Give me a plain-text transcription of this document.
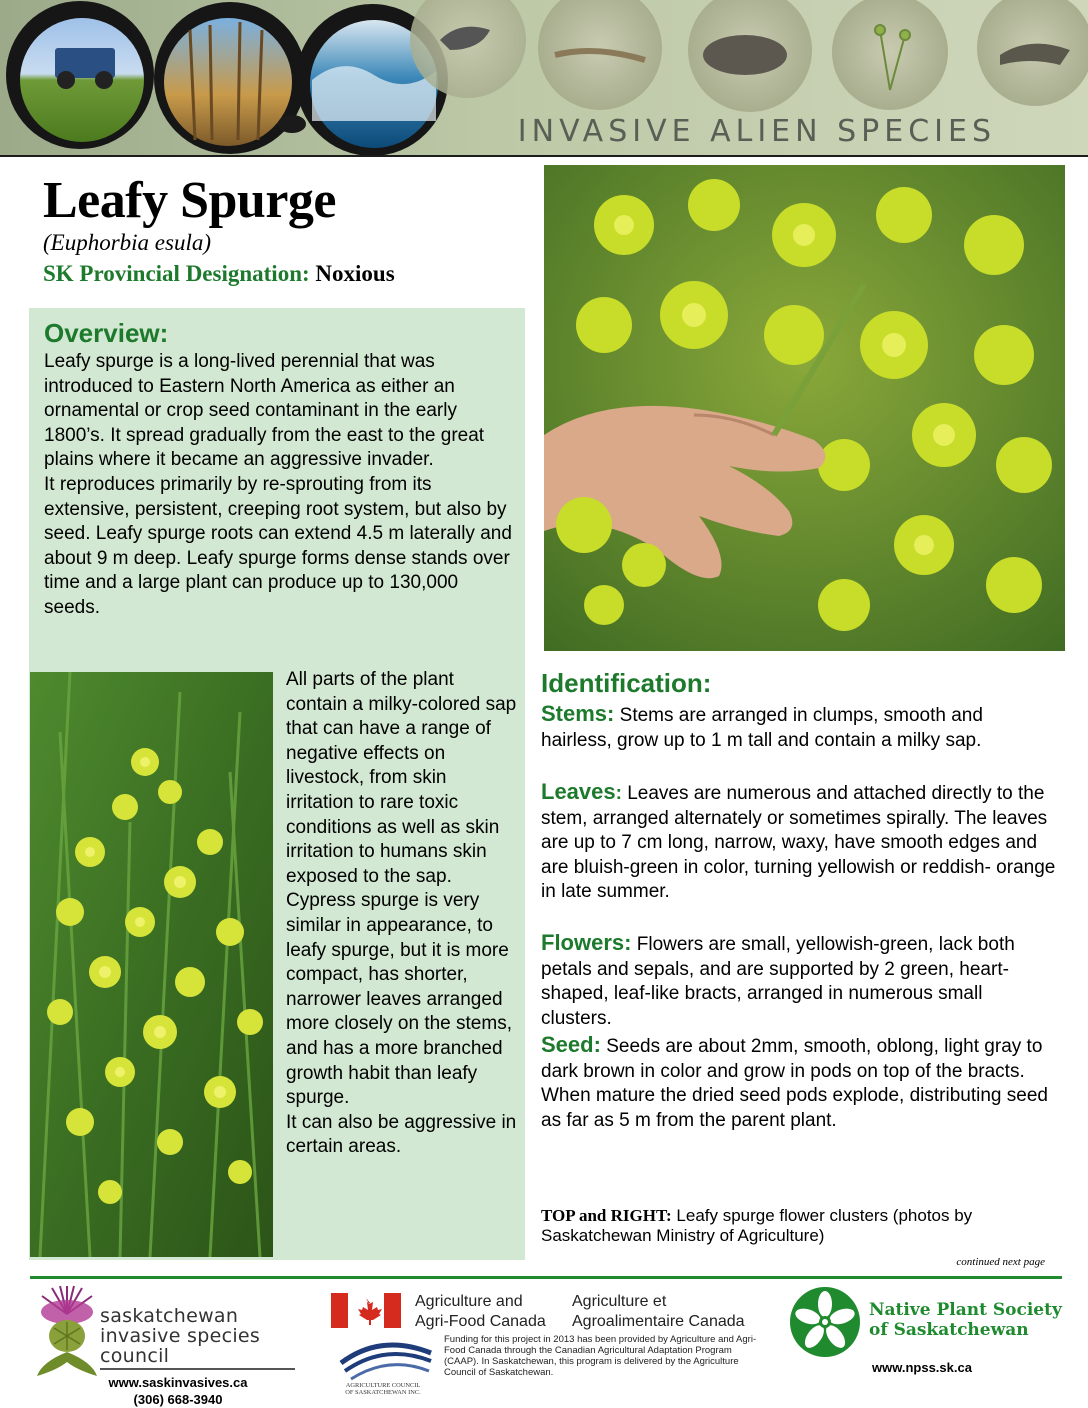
INVASIVE ALIEN SPECIES
Leafy Spurge
(Euphorbia esula)
SK Provincial Designation: Noxious
Overview:

Leafy spurge is a long-lived perennial that was introduced to Eastern North America as either an ornamental or crop seed contaminant in the early 1800’s. It spread gradually from the east to the great plains where it became an aggressive invader.

It reproduces primarily by re-sprouting from its extensive, persistent, creeping root system, but also by seed. Leafy spurge roots can extend 4.5 m laterally and about 9 m deep. Leafy spurge forms dense stands over time and a large plant can produce up to 130,000 seeds.

All parts of the plant contain a milky-colored sap that can have a range of negative effects on livestock, from skin irritation to rare toxic conditions as well as skin irritation to humans skin exposed to the sap.

Cypress spurge is very similar in appearance, to leafy spurge, but it is more compact, has shorter, narrower leaves arranged more closely on the stems, and has a more branched growth habit than leafy spurge.

It can also be aggressive in certain areas.

Identification:
Stems: Stems are arranged in clumps, smooth and hairless, grow up to 1 m tall and contain a milky sap.
Leaves: Leaves are numerous and attached directly to the stem, arranged alternately or sometimes spirally. The leaves are up to 7 cm long, narrow, waxy, have smooth edges and are bluish-green in color, turning yellowish or reddish- orange in late summer.
Flowers: Flowers are small, yellowish-green, lack both petals and sepals, and are supported by 2 green, heart-shaped, leaf-like bracts, arranged in numerous small clusters.
Seed: Seeds are about 2mm, smooth, oblong, light gray to dark brown in color and grow in pods on top of the bracts. When mature the dried seed pods explode, distributing seed as far as 5 m from the parent plant.
TOP and RIGHT: Leafy spurge flower clusters (photos by Saskatchewan Ministry of Agriculture)
continued next page
saskatchewan
invasive species
council
www.saskinvasives.ca
(306) 668-3940
Agriculture and
Agri-Food Canada
Agriculture et
Agroalimentaire Canada
AGRICULTURE COUNCIL
OF SASKATCHEWAN INC.
Funding for this project in 2013 has been provided by Agriculture and Agri-Food Canada through the Canadian Agricultural Adaptation Program (CAAP). In Saskatchewan, this program is delivered by the Agriculture Council of Saskatchewan.
Native Plant Society
of Saskatchewan
www.npss.sk.ca
